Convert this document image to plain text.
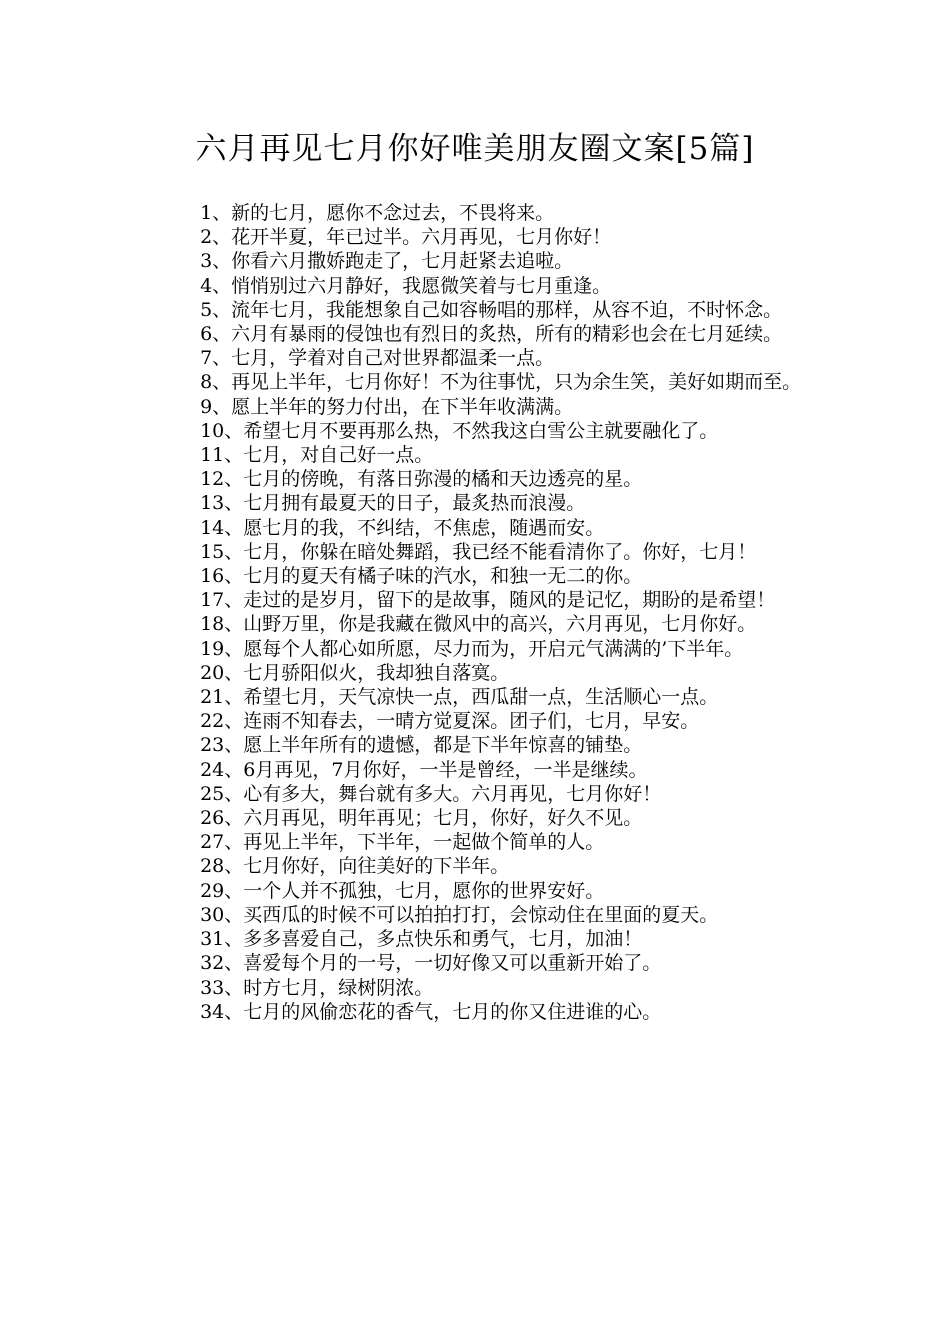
六月再见七月你好唯美朋友圈文案[5篇]

1、新的七月，愿你不念过去，不畏将来。

2、花开半夏，年已过半。六月再见，七月你好！

3、你看六月撒娇跑走了，七月赶紧去追啦。

4、悄悄别过六月静好，我愿微笑着与七月重逢。

5、流年七月，我能想象自己如容畅唱的那样，从容不迫，不时怀念。

6、六月有暴雨的侵蚀也有烈日的炙热，所有的精彩也会在七月延续。

7、七月，学着对自己对世界都温柔一点。

8、再见上半年，七月你好！不为往事忧，只为余生笑，美好如期而至。

9、愿上半年的努力付出，在下半年收满满。

10、希望七月不要再那么热，不然我这白雪公主就要融化了。

11、七月，对自己好一点。

12、七月的傍晚，有落日弥漫的橘和天边透亮的星。

13、七月拥有最夏天的日子，最炙热而浪漫。

14、愿七月的我，不纠结，不焦虑，随遇而安。

15、七月，你躲在暗处舞蹈，我已经不能看清你了。你好，七月！

16、七月的夏天有橘子味的汽水，和独一无二的你。

17、走过的是岁月，留下的是故事，随风的是记忆，期盼的是希望！

18、山野万里，你是我藏在微风中的高兴，六月再见，七月你好。

19、愿每个人都心如所愿，尽力而为，开启元气满满的’下半年。

20、七月骄阳似火，我却独自落寞。

21、希望七月，天气凉快一点，西瓜甜一点，生活顺心一点。

22、连雨不知春去，一晴方觉夏深。团子们，七月，早安。

23、愿上半年所有的遗憾，都是下半年惊喜的铺垫。

24、6月再见，7月你好，一半是曾经，一半是继续。

25、心有多大，舞台就有多大。六月再见，七月你好！

26、六月再见，明年再见；七月，你好，好久不见。

27、再见上半年，下半年，一起做个简单的人。

28、七月你好，向往美好的下半年。

29、一个人并不孤独，七月，愿你的世界安好。

30、买西瓜的时候不可以拍拍打打，会惊动住在里面的夏天。

31、多多喜爱自己，多点快乐和勇气，七月，加油！

32、喜爱每个月的一号，一切好像又可以重新开始了。

33、时方七月，绿树阴浓。

34、七月的风偷恋花的香气，七月的你又住进谁的心。
